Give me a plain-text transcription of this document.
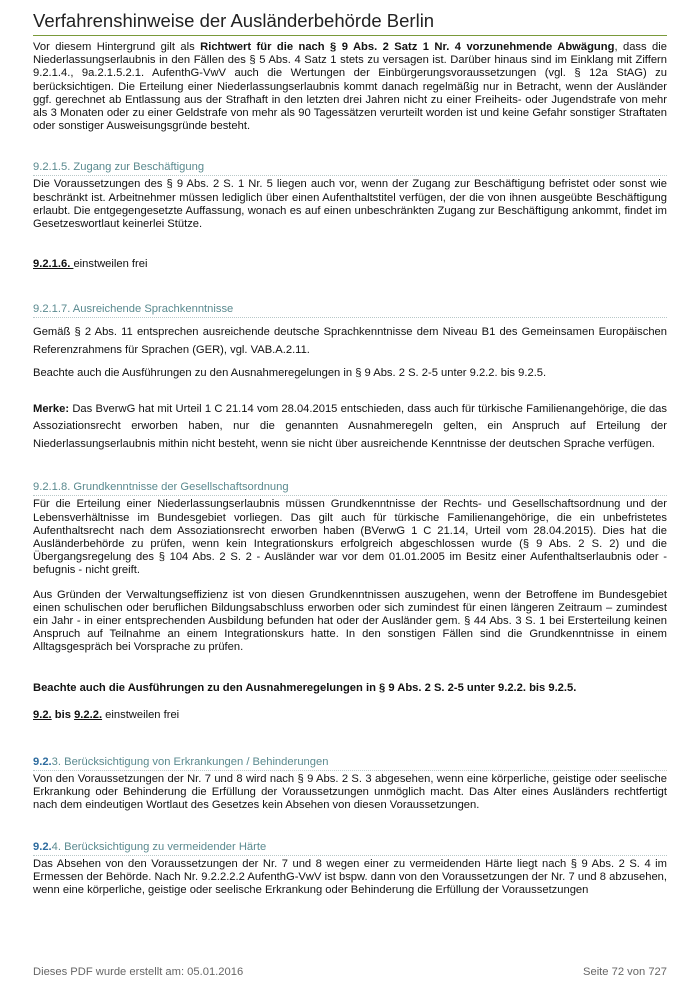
Verfahrenshinweise der Ausländerbehörde Berlin

Vor diesem Hintergrund gilt als Richtwert für die nach § 9 Abs. 2 Satz 1 Nr. 4 vorzunehmende Abwägung, dass die Niederlassungserlaubnis in den Fällen des § 5 Abs. 4 Satz 1 stets zu versagen ist. Darüber hinaus sind im Einklang mit Ziffern 9.2.1.4., 9a.2.1.5.2.1. AufenthG-VwV auch die Wertungen der Einbürgerungsvoraussetzungen (vgl. § 12a StAG) zu berücksichtigen. Die Erteilung einer Niederlassungserlaubnis kommt danach regelmäßig nur in Betracht, wenn der Ausländer ggf. gerechnet ab Entlassung aus der Strafhaft in den letzten drei Jahren nicht zu einer Freiheits- oder Jugendstrafe von mehr als 3 Monaten oder zu einer Geldstrafe von mehr als 90 Tagessätzen verurteilt worden ist und keine Gefahr sonstiger Straftaten oder sonstiger Ausweisungsgründe besteht.

9.2.1.5. Zugang zur Beschäftigung

Die Voraussetzungen des § 9 Abs. 2 S. 1 Nr. 5 liegen auch vor, wenn der Zugang zur Beschäftigung befristet oder sonst wie beschränkt ist. Arbeitnehmer müssen lediglich über einen Aufenthaltstitel verfügen, der die von ihnen ausgeübte Beschäftigung erlaubt. Die entgegengesetzte Auffassung, wonach es auf einen unbeschränkten Zugang zur Beschäftigung ankommt, findet im Gesetzeswortlaut keinerlei Stütze.

9.2.1.6. einstweilen frei

9.2.1.7. Ausreichende Sprachkenntnisse

Gemäß § 2 Abs. 11 entsprechen ausreichende deutsche Sprachkenntnisse dem Niveau B1 des Gemeinsamen Europäischen Referenzrahmens für Sprachen (GER), vgl. VAB.A.2.11.

Beachte auch die Ausführungen zu den Ausnahmeregelungen in § 9 Abs. 2 S. 2-5 unter 9.2.2. bis 9.2.5.

Merke: Das BverwG hat mit Urteil 1 C 21.14 vom 28.04.2015 entschieden, dass auch für türkische Familienangehörige, die das Assoziationsrecht erworben haben, nur die genannten Ausnahmeregeln gelten, ein Anspruch auf Erteilung der Niederlassungserlaubnis mithin nicht besteht, wenn sie nicht über ausreichende Kenntnisse der deutschen Sprache verfügen.

9.2.1.8. Grundkenntnisse der Gesellschaftsordnung

Für die Erteilung einer Niederlassungserlaubnis müssen Grundkenntnisse der Rechts- und Gesellschaftsordnung und der Lebensverhältnisse im Bundesgebiet vorliegen. Das gilt auch für türkische Familienangehörige, die ein unbefristetes Aufenthaltsrecht nach dem Assoziationsrecht erworben haben (BVerwG 1 C 21.14, Urteil vom 28.04.2015). Dies hat die Ausländerbehörde zu prüfen, wenn kein Integrationskurs erfolgreich abgeschlossen wurde (§ 9 Abs. 2 S. 2) und die Übergangsregelung des § 104 Abs. 2 S. 2 - Ausländer war vor dem 01.01.2005 im Besitz einer Aufenthaltserlaubnis oder -befugnis - nicht greift.

Aus Gründen der Verwaltungseffizienz ist von diesen Grundkenntnissen auszugehen, wenn der Betroffene im Bundesgebiet einen schulischen oder beruflichen Bildungsabschluss erworben oder sich zumindest für einen längeren Zeitraum – zumindest ein Jahr - in einer entsprechenden Ausbildung befunden hat oder der Ausländer gem. § 44 Abs. 3 S. 1 bei Ersterteilung keinen Anspruch auf Teilnahme an einem Integrationskurs hatte. In den sonstigen Fällen sind die Grundkenntnisse in einem Alltagsgespräch bei Vorsprache zu prüfen.

Beachte auch die Ausführungen zu den Ausnahmeregelungen in § 9 Abs. 2 S. 2-5 unter 9.2.2. bis 9.2.5.

9.2. bis 9.2.2. einstweilen frei

9.2.3. Berücksichtigung von Erkrankungen / Behinderungen

Von den Voraussetzungen der Nr. 7 und 8 wird nach § 9 Abs. 2 S. 3 abgesehen, wenn eine körperliche, geistige oder seelische Erkrankung oder Behinderung die Erfüllung der Voraussetzungen unmöglich macht. Das Alter eines Ausländers rechtfertigt nach dem eindeutigen Wortlaut des Gesetzes kein Absehen von diesen Voraussetzungen.

9.2.4. Berücksichtigung zu vermeidender Härte

Das Absehen von den Voraussetzungen der Nr. 7 und 8 wegen einer zu vermeidenden Härte liegt nach § 9 Abs. 2 S. 4 im Ermessen der Behörde. Nach Nr. 9.2.2.2.2 AufenthG-VwV ist bspw. dann von den Voraussetzungen der Nr. 7 und 8 abzusehen, wenn eine körperliche, geistige oder seelische Erkrankung oder Behinderung die Erfüllung der Voraussetzungen

Dieses PDF wurde erstellt am: 05.01.2016	Seite 72 von 727
